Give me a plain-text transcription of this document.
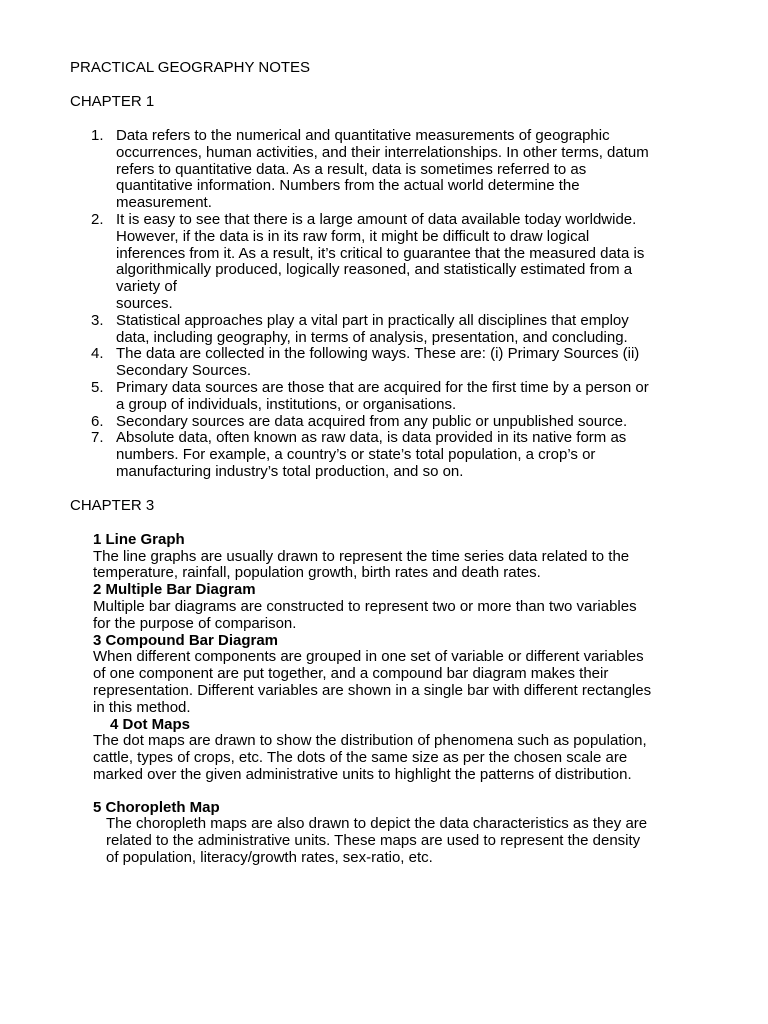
PRACTICAL GEOGRAPHY NOTES

CHAPTER 1

1. Data refers to the numerical and quantitative measurements of geographic
occurrences, human activities, and their interrelationships. In other terms, datum
refers to quantitative data. As a result, data is sometimes referred to as
quantitative information. Numbers from the actual world determine the
measurement.
2. It is easy to see that there is a large amount of data available today worldwide.
However, if the data is in its raw form, it might be difficult to draw logical
inferences from it. As a result, it’s critical to guarantee that the measured data is
algorithmically produced, logically reasoned, and statistically estimated from a
variety of
sources.
3. Statistical approaches play a vital part in practically all disciplines that employ
data, including geography, in terms of analysis, presentation, and concluding.
4. The data are collected in the following ways. These are: (i) Primary Sources (ii)
Secondary Sources.
5. Primary data sources are those that are acquired for the first time by a person or
a group of individuals, institutions, or organisations.
6. Secondary sources are data acquired from any public or unpublished source.
7. Absolute data, often known as raw data, is data provided in its native form as
numbers. For example, a country’s or state’s total population, a crop’s or
manufacturing industry’s total production, and so on.

CHAPTER 3

1 Line Graph

The line graphs are usually drawn to represent the time series data related to the

temperature, rainfall, population growth, birth rates and death rates.

2 Multiple Bar Diagram

Multiple bar diagrams are constructed to represent two or more than two variables

for the purpose of comparison.

3 Compound Bar Diagram

When different components are grouped in one set of variable or different variables

of one component are put together, and a compound bar diagram makes their

representation. Different variables are shown in a single bar with different rectangles

in this method.

4 Dot Maps

The dot maps are drawn to show the distribution of phenomena such as population,

cattle, types of crops, etc. The dots of the same size as per the chosen scale are

marked over the given administrative units to highlight the patterns of distribution.

5 Choropleth Map

The choropleth maps are also drawn to depict the data characteristics as they are

related to the administrative units. These maps are used to represent the density

of population, literacy/growth rates, sex-ratio, etc.
